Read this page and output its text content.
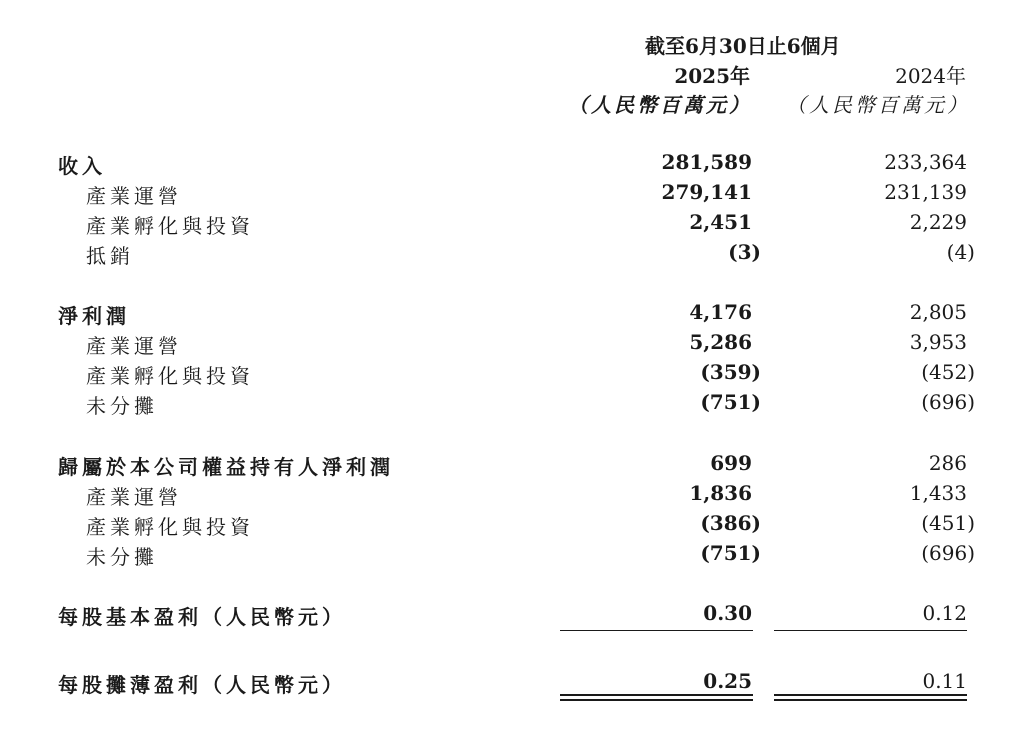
截至6月30日止6個月
2025年	2024年
（人民幣百萬元） （人民幣百萬元）
收入	281,589	233,364
產業運營	279,141	231,139
產業孵化與投資	2,451	2,229
抵銷	(3)	(4)
淨利潤	4,176	2,805
產業運營	5,286	3,953
產業孵化與投資	(359)	(452)
未分攤	(751)	(696)
歸屬於本公司權益持有人淨利潤	699	286
產業運營	1,836	1,433
產業孵化與投資	(386)	(451)
未分攤	(751)	(696)
每股基本盈利（人民幣元）	0.30	0.12
每股攤薄盈利（人民幣元）	0.25	0.11
